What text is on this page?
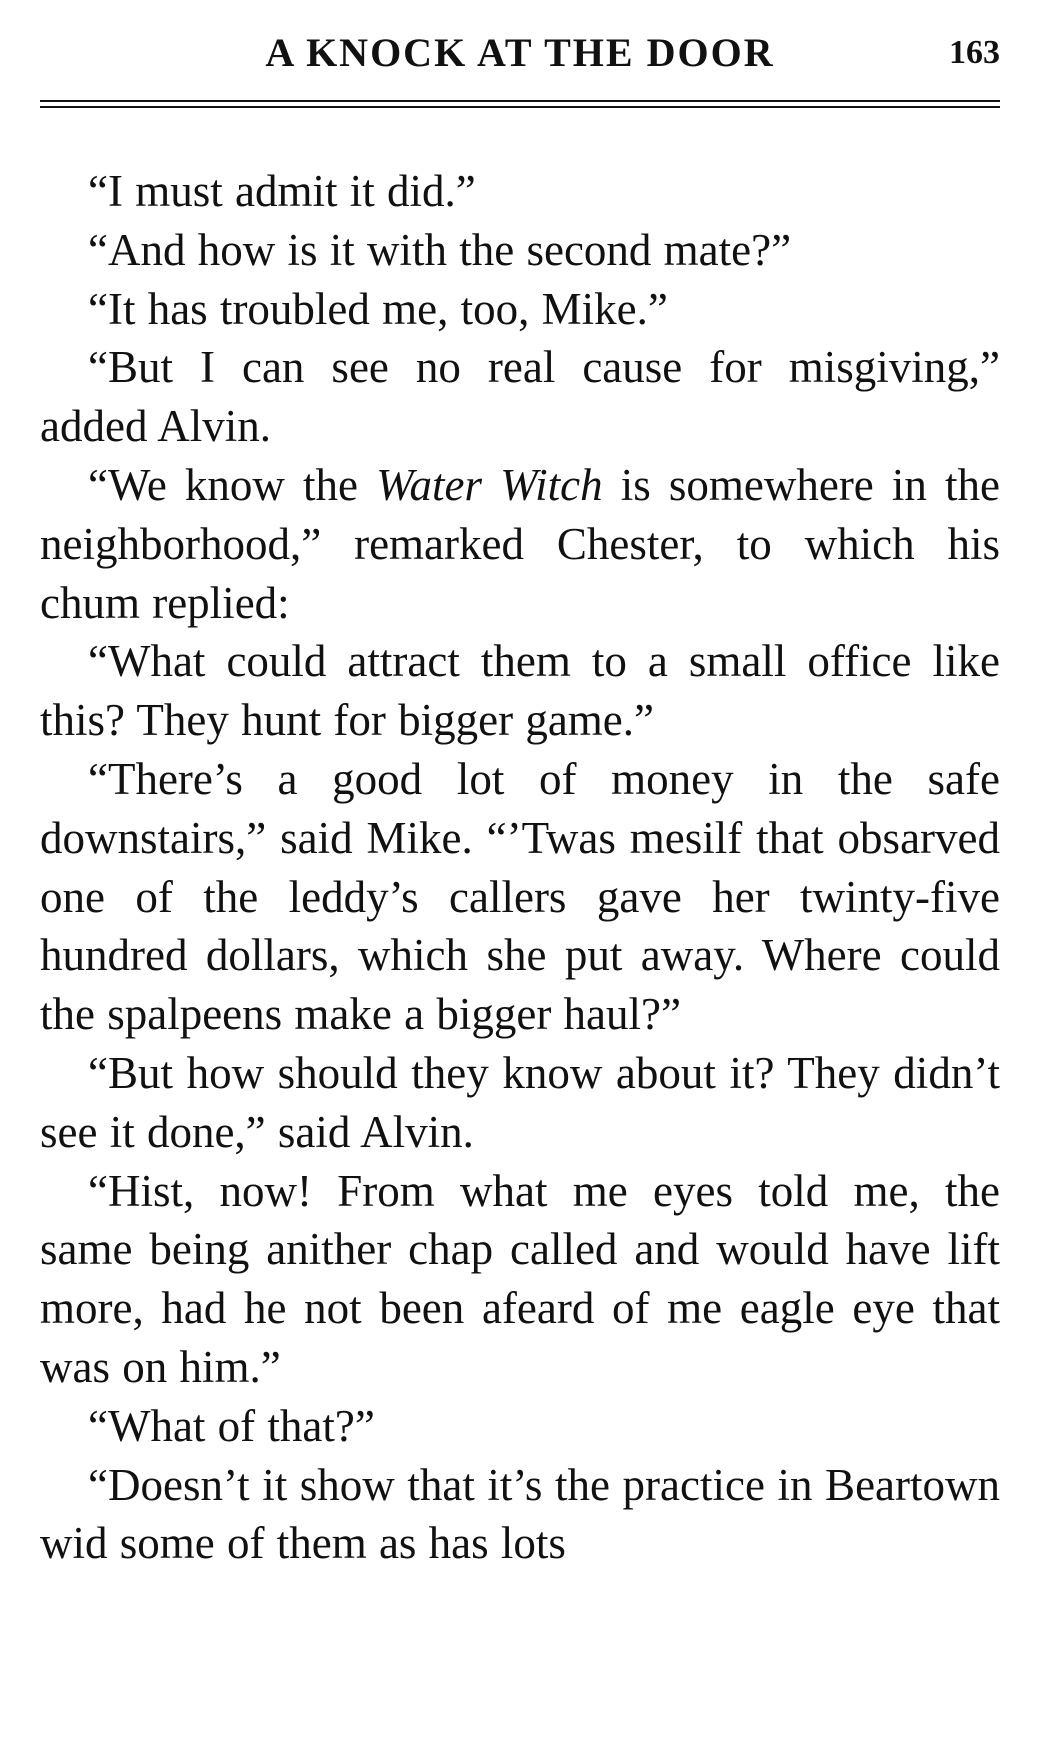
A KNOCK AT THE DOOR	163

“I must admit it did.”

“And how is it with the second mate?”

“It has troubled me, too, Mike.”

“But I can see no real cause for misgiving,” added Alvin.

“We know the Water Witch is somewhere in the neighborhood,” remarked Chester, to which his chum replied:

“What could attract them to a small office like this? They hunt for bigger game.”

“There’s a good lot of money in the safe downstairs,” said Mike. “’Twas mesilf that obsarved one of the leddy’s callers gave her twinty-five hundred dollars, which she put away. Where could the spalpeens make a bigger haul?”

“But how should they know about it? They didn’t see it done,” said Alvin.

“Hist, now! From what me eyes told me, the same being anither chap called and would have lift more, had he not been afeard of me eagle eye that was on him.”

“What of that?”

“Doesn’t it show that it’s the practice in Beartown wid some of them as has lots
